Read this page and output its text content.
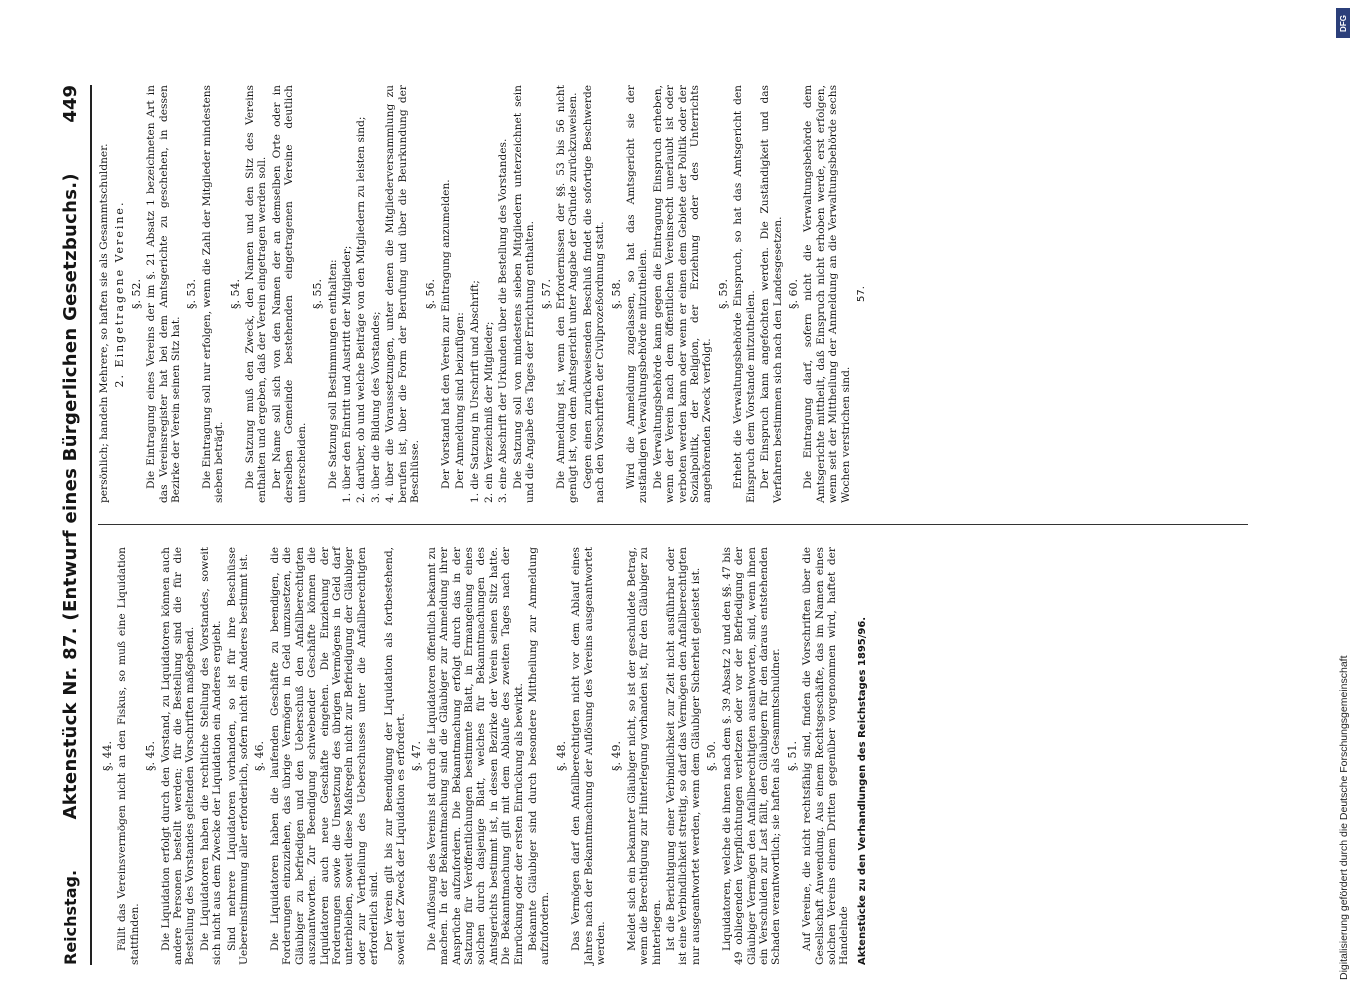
Reichstag.
Aktenstück Nr. 87. (Entwurf eines Bürgerlichen Gesetzbuchs.)
449
§. 44. Fällt das Vereinsvermögen nicht an den Fiskus, so muß eine Liquidation stattfinden.

§. 45. Die Liquidation erfolgt durch den Vorstand, zu Liquidatoren können auch andere Personen bestellt werden; für die Bestellung sind die für die Bestellung des Vorstandes geltenden Vorschriften maßgebend. Die Liquidatoren haben die rechtliche Stellung des Vorstandes, soweit sich nicht aus dem Zwecke der Liquidation ein Anderes ergiebt. Sind mehrere Liquidatoren vorhanden, so ist für ihre Beschlüsse Uebereinstimmung aller erforderlich, sofern nicht ein Anderes bestimmt ist. §. 46. Die Liquidatoren haben die laufenden Geschäfte zu beendigen, die Forderungen einzuziehen, das übrige Vermögen in Geld umzusetzen, die Gläubiger zu befriedigen und den Ueberschuß den Anfallberechtigten auszuantworten. Zur Beendigung schwebender Geschäfte können die Liquidatoren auch neue Geschäfte eingehen. Die Einziehung der Forderungen sowie die Umsetzung des übrigen Vermögens in Geld darf unterbleiben, soweit diese Maßregeln nicht zur Befriedigung der Gläubiger oder zur Vertheilung des Ueberschusses unter die Anfallberechtigten erforderlich sind. Der Verein gilt bis zur Beendigung der Liquidation als fortbestehend, soweit der Zweck der Liquidation es erfordert. §. 47. Die Auflösung des Vereins ist durch die Liquidatoren öffentlich bekannt zu machen. In der Bekanntmachung sind die Gläubiger zur Anmeldung ihrer Ansprüche aufzufordern. Die Bekanntmachung erfolgt durch das in der Satzung für Veröffentlichungen bestimmte Blatt, in Ermangelung eines solchen durch dasjenige Blatt, welches für Bekanntmachungen des Amtsgerichts bestimmt ist, in dessen Bezirke der Verein seinen Sitz hatte. Die Bekanntmachung gilt mit dem Ablaufe des zweiten Tages nach der Einrückung oder der ersten Einrückung als bewirkt. Bekannte Gläubiger sind durch besondere Mittheilung zur Anmeldung aufzufordern.

§. 48. Das Vermögen darf den Anfallberechtigten nicht vor dem Ablauf eines Jahres nach der Bekanntmachung der Auflösung des Vereins ausgeantwortet werden.

§. 49. Meldet sich ein bekannter Gläubiger nicht, so ist der geschuldete Betrag, wenn die Berechtigung zur Hinterlegung vorhanden ist, für den Gläubiger zu hinterlegen. Ist die Berichtigung einer Verbindlichkeit zur Zeit nicht ausführbar oder ist eine Verbindlichkeit streitig, so darf das Vermögen den Anfallberechtigten nur ausgeantwortet werden, wenn dem Gläubiger Sicherheit geleistet ist. §. 50. Liquidatoren, welche die ihnen nach dem §. 39 Absatz 2 und den §§. 47 bis 49 obliegenden Verpflichtungen verletzen oder vor der Befriedigung der Gläubiger Vermögen den Anfallberechtigten ausantworten, sind, wenn ihnen ein Verschulden zur Last fällt, den Gläubigern für den daraus entstehenden Schaden verantwortlich; sie haften als Gesammtschuldner. §. 51. Auf Vereine, die nicht rechtsfähig sind, finden die Vorschriften über die Gesellschaft Anwendung. Aus einem Rechtsgeschäfte, das im Namen eines solchen Vereins einem Dritten gegenüber vorgenommen wird, haftet der Handelnde Aktenstücke zu den Verhandlungen des Reichstages 1895/96.

persönlich; handeln Mehrere, so haften sie als Gesammtschuldner. 2. Eingetragene Vereine. §. 52. Die Eintragung eines Vereins der im §. 21 Absatz 1 bezeichneten Art in das Vereinsregister hat bei dem Amtsgerichte zu geschehen, in dessen Bezirke der Verein seinen Sitz hat.

§. 53. Die Eintragung soll nur erfolgen, wenn die Zahl der Mitglieder mindestens sieben beträgt.

§. 54. Die Satzung muß den Zweck, den Namen und den Sitz des Vereins enthalten und ergeben, daß der Verein eingetragen werden soll. Der Name soll sich von den Namen der an demselben Orte oder in derselben Gemeinde bestehenden eingetragenen Vereine deutlich unterscheiden.

§. 55. Die Satzung soll Bestimmungen enthalten: 1. über den Eintritt und Austritt der Mitglieder; 2. darüber, ob und welche Beiträge von den Mitgliedern zu leisten sind; 3. über die Bildung des Vorstandes; 4. über die Voraussetzungen, unter denen die Mitgliederversammlung zu berufen ist, über die Form der Berufung und über die Beurkundung der Beschlüsse.

§. 56. Der Vorstand hat den Verein zur Eintragung anzumelden. Der Anmeldung sind beizufügen: 1. die Satzung in Urschrift und Abschrift; 2. ein Verzeichniß der Mitglieder; 3. eine Abschrift der Urkunden über die Bestellung des Vorstandes. Die Satzung soll von mindestens sieben Mitgliedern unterzeichnet sein und die Angabe des Tages der Errichtung enthalten. §. 57. Die Anmeldung ist, wenn den Erfordernissen der §§. 53 bis 56 nicht genügt ist, von dem Amtsgericht unter Angabe der Gründe zurückzuweisen. Gegen einen zurückweisenden Beschluß findet die sofortige Beschwerde nach den Vorschriften der Civilprozeßordnung statt. §. 58. Wird die Anmeldung zugelassen, so hat das Amtsgericht sie der zuständigen Verwaltungsbehörde mitzutheilen. Die Verwaltungsbehörde kann gegen die Eintragung Einspruch erheben, wenn der Verein nach dem öffentlichen Vereinsrecht unerlaubt ist oder verboten werden kann oder wenn er einen dem Gebiete der Politik oder der Sozialpolitik, der Religion, der Erziehung oder des Unterrichts angehörenden Zweck verfolgt.

§. 59. Erhebt die Verwaltungsbehörde Einspruch, so hat das Amtsgericht den Einspruch dem Vorstande mitzutheilen. Der Einspruch kann angefochten werden. Die Zuständigkeit und das Verfahren bestimmen sich nach den Landesgesetzen. §. 60. Die Eintragung darf, sofern nicht die Verwaltungsbehörde dem Amtsgerichte mittheilt, daß Einspruch nicht erhoben werde, erst erfolgen, wenn seit der Mittheilung der Anmeldung an die Verwaltungsbehörde sechs Wochen verstrichen sind.

57.
DFG
Digitalisierung gefördert durch die Deutsche Forschungsgemeinschaft
